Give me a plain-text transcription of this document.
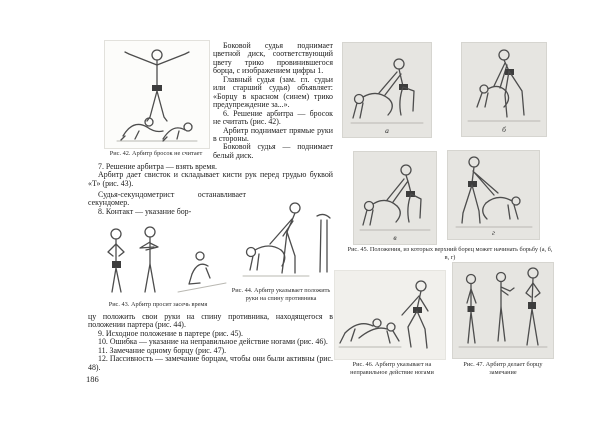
Рис. 42. Арбитр бросок не считает

Боковой судья поднимает цветной диск, соответствующий цвету трико провинившегося борца, с изображением цифры 1.

Главный судья (зам. гл. судьи или старший судья) объявляет: «Борцу в красном (синем) трико предупреждение за...».

6. Решение арбитра — бросок не считать (рис. 42).

Арбитр поднимает прямые руки в стороны.

Боковой судья — поднимает белый диск.

7. Решение арбитра — взять время.

Арбитр дает свисток и складывает кисти рук перед грудью буквой «Т» (рис. 43).

Судья-секундометрист останавливает секундомер.

8. Контакт — указание бор-

Рис. 43. Арбитр просит засечь время
Рис. 44. Арбитр указывает положить руки на спину противника

цу положить свои руки на спину противника, находящегося в положении партера (рис. 44).

9. Исходное положение в партере (рис. 45).

10. Ошибка — указание на неправильное действие ногами (рис. 46).

11. Замечание одному борцу (рис. 47).

12. Пассивность — замечание борцам, чтобы они были активны (рис. 48).

186
а	б
в
г
Рис. 45. Положения, из которых верхний борец может начинать борьбу (а, б, в, г)
Рис. 46. Арбитр указывает на неправильное действие ногами
Рис. 47. Арбитр делает борцу замечание
